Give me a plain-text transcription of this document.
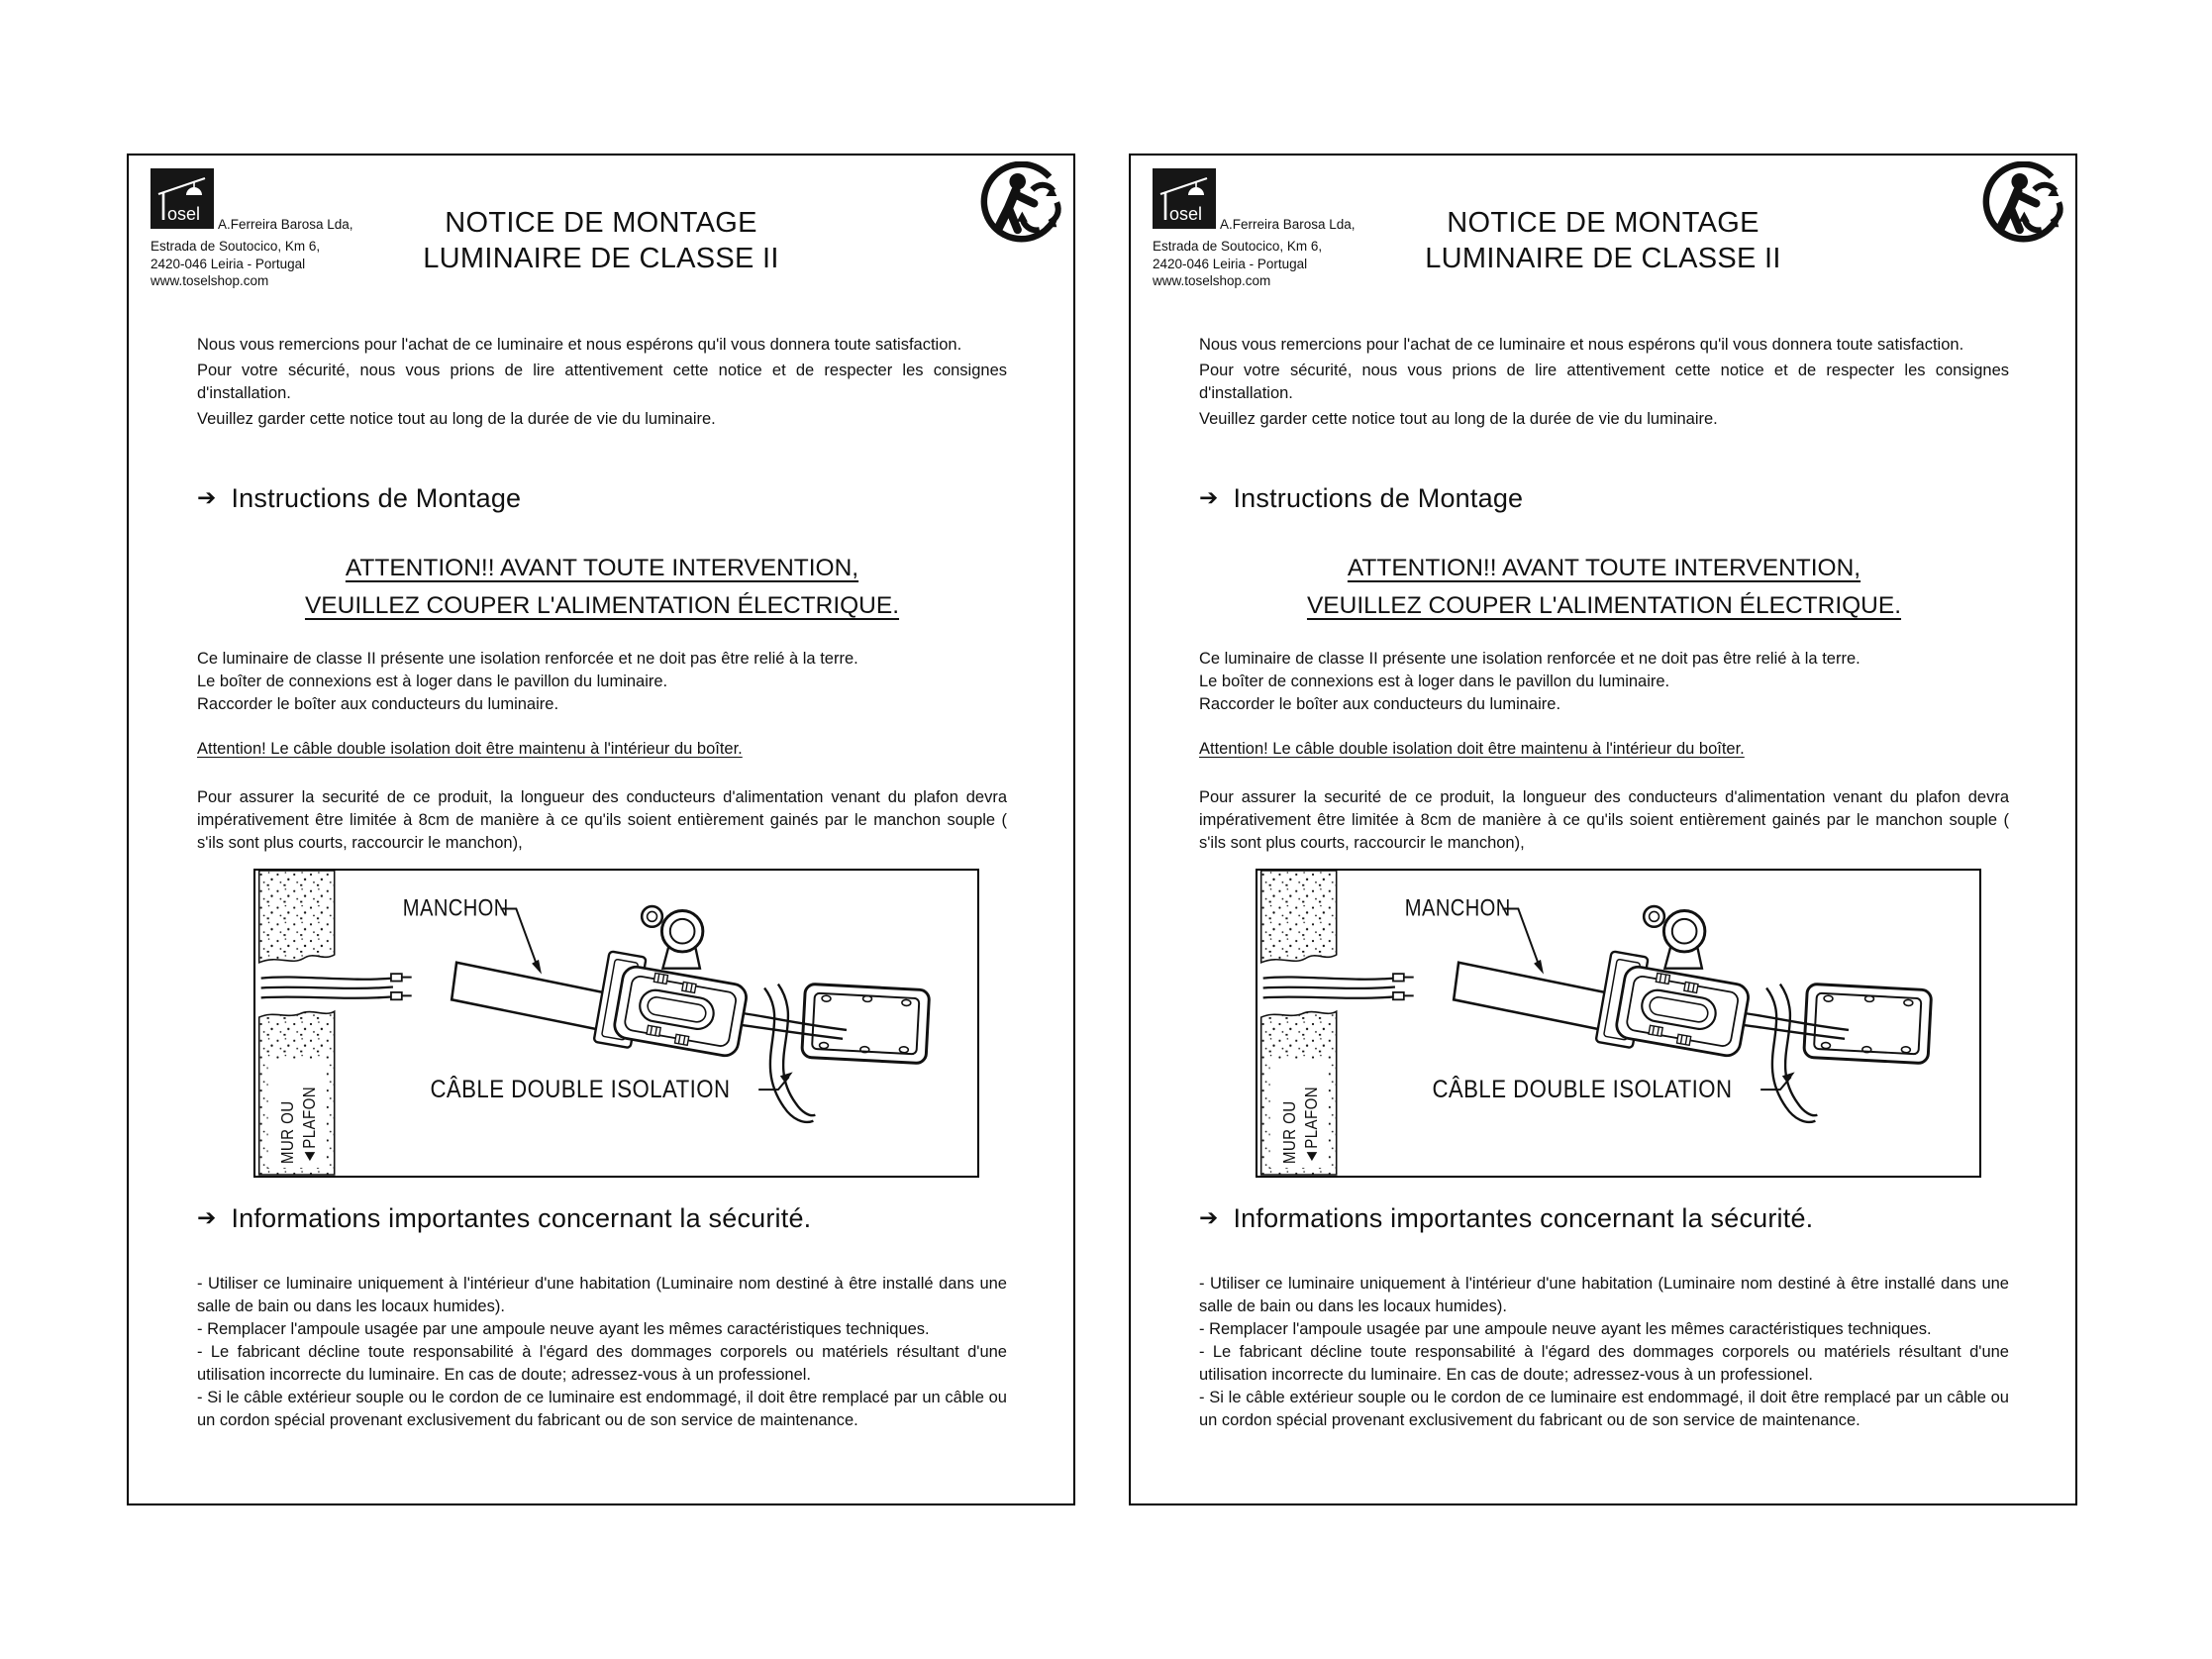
osel
A.Ferreira Barosa Lda,
Estrada de Soutocico, Km 6,
2420-046 Leiria - Portugal
www.toselshop.com
NOTICE DE MONTAGE
LUMINAIRE DE CLASSE II

Nous vous remercions pour l'achat de ce luminaire et nous espérons qu'il vous donnera toute satisfaction.

Pour votre sécurité, nous vous prions de lire attentivement cette notice et de respecter les consignes d'installation.

Veuillez garder cette notice tout au long de la durée de vie du luminaire.

➔ Instructions de Montage
ATTENTION!! AVANT TOUTE INTERVENTION,
VEUILLEZ COUPER L'ALIMENTATION ÉLECTRIQUE.
Ce luminaire de classe II présente une isolation renforcée et ne doit pas être relié à la terre.
Le boîter de connexions est à loger dans le pavillon du luminaire.
Raccorder le boîter aux conducteurs du luminaire.
Attention! Le câble double isolation doit être maintenu à l'intérieur du boîter.
Pour assurer la securité de ce produit, la longueur des conducteurs d'alimentation venant du plafon devra impérativement être limitée à 8cm de manière à ce qu'ils soient entièrement gainés par le manchon souple ( s'ils sont plus courts, raccourcir le manchon),
MUR OU ◄PLAFON
MANCHON
CÂBLE DOUBLE ISOLATION
➔ Informations importantes concernant la sécurité.

- Utiliser ce luminaire uniquement à l'intérieur d'une habitation (Luminaire nom destiné à être installé dans une salle de bain ou dans les locaux humides).

- Remplacer l'ampoule usagée par une ampoule neuve ayant les mêmes caractéristiques techniques.

- Le fabricant décline toute responsabilité à l'égard des dommages corporels ou matériels résultant d'une utilisation incorrecte du luminaire. En cas de doute; adressez-vous à un professionel.

- Si le câble extérieur souple ou le cordon de ce luminaire est endommagé, il doit être remplacé par un câble ou un cordon spécial provenant exclusivement du fabricant ou de son service de maintenance.

osel
A.Ferreira Barosa Lda,
Estrada de Soutocico, Km 6,
2420-046 Leiria - Portugal
www.toselshop.com
NOTICE DE MONTAGE
LUMINAIRE DE CLASSE II

Nous vous remercions pour l'achat de ce luminaire et nous espérons qu'il vous donnera toute satisfaction.

Pour votre sécurité, nous vous prions de lire attentivement cette notice et de respecter les consignes d'installation.

Veuillez garder cette notice tout au long de la durée de vie du luminaire.

➔ Instructions de Montage
ATTENTION!! AVANT TOUTE INTERVENTION,
VEUILLEZ COUPER L'ALIMENTATION ÉLECTRIQUE.
Ce luminaire de classe II présente une isolation renforcée et ne doit pas être relié à la terre.
Le boîter de connexions est à loger dans le pavillon du luminaire.
Raccorder le boîter aux conducteurs du luminaire.
Attention! Le câble double isolation doit être maintenu à l'intérieur du boîter.
Pour assurer la securité de ce produit, la longueur des conducteurs d'alimentation venant du plafon devra impérativement être limitée à 8cm de manière à ce qu'ils soient entièrement gainés par le manchon souple ( s'ils sont plus courts, raccourcir le manchon),
MUR OU ◄PLAFON
MANCHON
CÂBLE DOUBLE ISOLATION
➔ Informations importantes concernant la sécurité.

- Utiliser ce luminaire uniquement à l'intérieur d'une habitation (Luminaire nom destiné à être installé dans une salle de bain ou dans les locaux humides).

- Remplacer l'ampoule usagée par une ampoule neuve ayant les mêmes caractéristiques techniques.

- Le fabricant décline toute responsabilité à l'égard des dommages corporels ou matériels résultant d'une utilisation incorrecte du luminaire. En cas de doute; adressez-vous à un professionel.

- Si le câble extérieur souple ou le cordon de ce luminaire est endommagé, il doit être remplacé par un câble ou un cordon spécial provenant exclusivement du fabricant ou de son service de maintenance.
